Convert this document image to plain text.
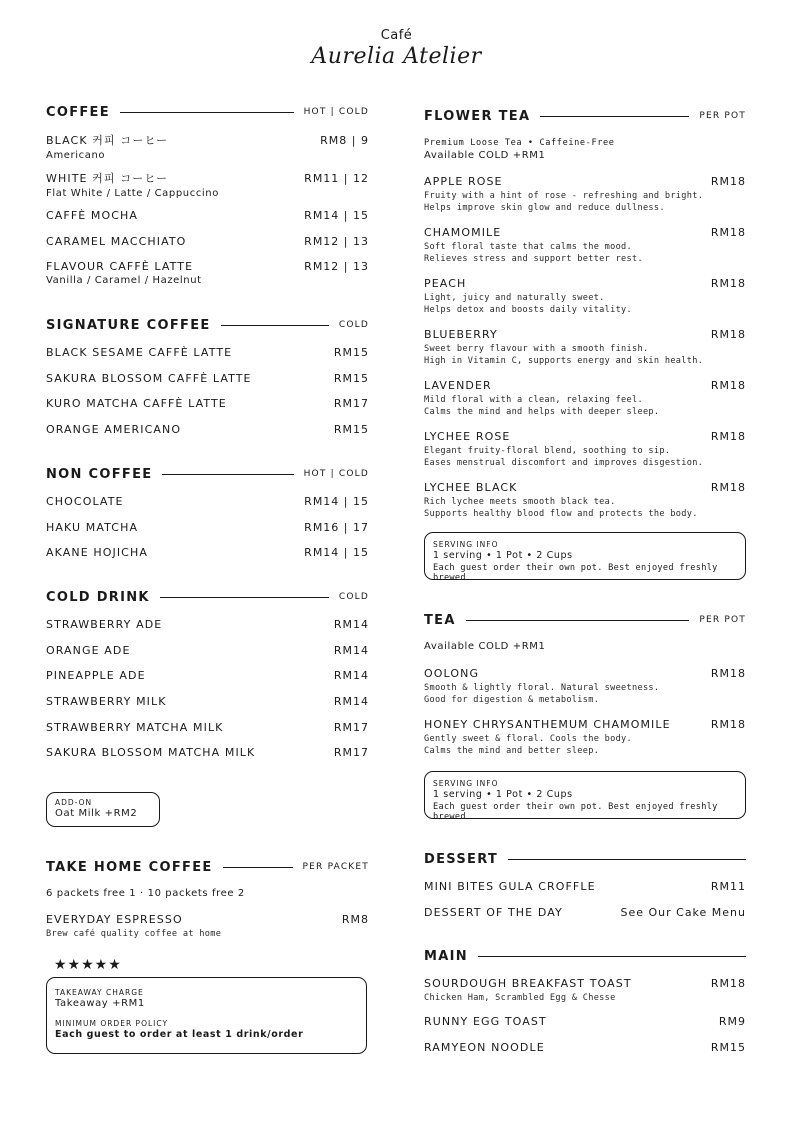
Café
Aurelia Atelier
COFFEE	HOT | COLD
BLACK 커피 コーヒー	RM8 | 9
Americano
WHITE 커피 コーヒー	RM11 | 12
Flat White / Latte / Cappuccino
CAFFÈ MOCHA	RM14 | 15
CARAMEL MACCHIATO	RM12 | 13
FLAVOUR CAFFÈ LATTE	RM12 | 13
Vanilla / Caramel / Hazelnut
SIGNATURE COFFEE	COLD
BLACK SESAME CAFFÈ LATTE	RM15
SAKURA BLOSSOM CAFFÈ LATTE	RM15
KURO MATCHA CAFFÈ LATTE	RM17
ORANGE AMERICANO	RM15
NON COFFEE	HOT | COLD
CHOCOLATE	RM14 | 15
HAKU MATCHA	RM16 | 17
AKANE HOJICHA	RM14 | 15
COLD DRINK	COLD
STRAWBERRY ADE	RM14
ORANGE ADE	RM14
PINEAPPLE ADE	RM14
STRAWBERRY MILK	RM14
STRAWBERRY MATCHA MILK	RM17
SAKURA BLOSSOM MATCHA MILK	RM17
ADD-ON
Oat Milk +RM2
TAKE HOME COFFEE	PER PACKET
6 packets free 1 · 10 packets free 2
EVERYDAY ESPRESSO	RM8
Brew café quality coffee at home
★★★★★
TAKEAWAY CHARGE
Takeaway +RM1
MINIMUM ORDER POLICY
Each guest to order at least 1 drink/order
FLOWER TEA	PER POT
Premium Loose Tea • Caffeine-Free
Available COLD +RM1
APPLE ROSE	RM18
Fruity with a hint of rose - refreshing and bright.
Helps improve skin glow and reduce dullness.
CHAMOMILE	RM18
Soft floral taste that calms the mood.
Relieves stress and support better rest.
PEACH	RM18
Light, juicy and naturally sweet.
Helps detox and boosts daily vitality.
BLUEBERRY	RM18
Sweet berry flavour with a smooth finish.
High in Vitamin C, supports energy and skin health.
LAVENDER	RM18
Mild floral with a clean, relaxing feel.
Calms the mind and helps with deeper sleep.
LYCHEE ROSE	RM18
Elegant fruity-floral blend, soothing to sip.
Eases menstrual discomfort and improves disgestion.
LYCHEE BLACK	RM18
Rich lychee meets smooth black tea.
Supports healthy blood flow and protects the body.
SERVING INFO
1 serving • 1 Pot • 2 Cups
Each guest order their own pot. Best enjoyed freshly brewed
TEA	PER POT
Available COLD +RM1
OOLONG	RM18
Smooth & lightly floral. Natural sweetness.
Good for digestion & metabolism.
HONEY CHRYSANTHEMUM CHAMOMILE	RM18
Gently sweet & floral. Cools the body.
Calms the mind and better sleep.
SERVING INFO
1 serving • 1 Pot • 2 Cups
Each guest order their own pot. Best enjoyed freshly brewed
DESSERT
MINI BITES GULA CROFFLE	RM11
DESSERT OF THE DAY	See Our Cake Menu
MAIN
SOURDOUGH BREAKFAST TOAST	RM18
Chicken Ham, Scrambled Egg & Chesse
RUNNY EGG TOAST	RM9
RAMYEON NOODLE	RM15
